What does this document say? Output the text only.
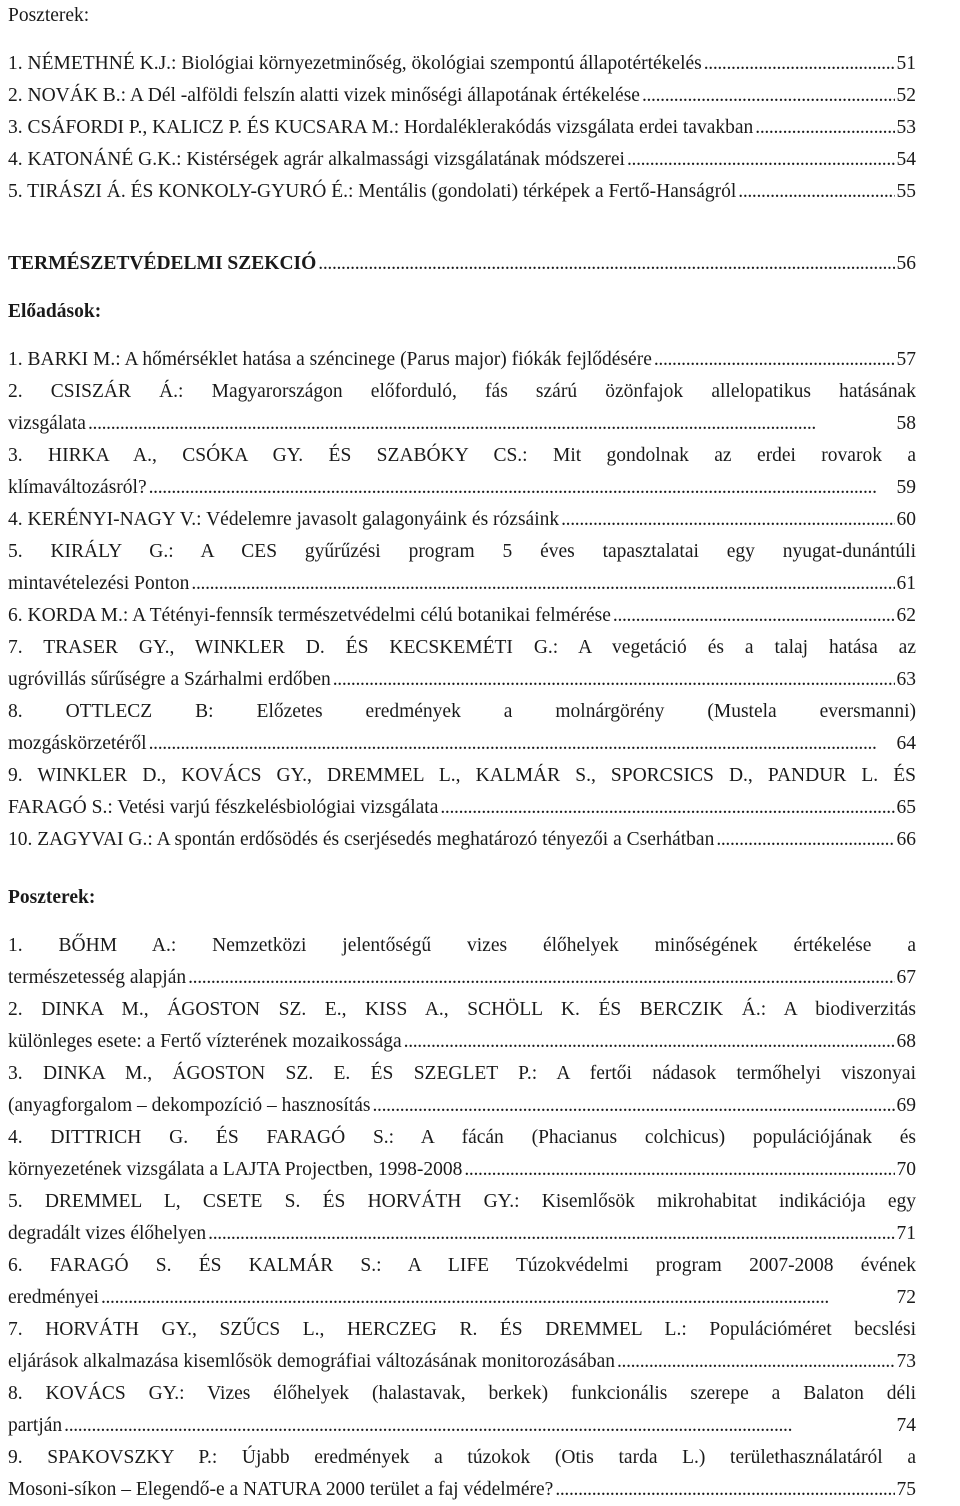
Poszterek:

1. NÉMETHNÉ K.J.: Biológiai környezetminőség, ökológiai szempontú állapotértékelés . . .	51
2. NOVÁK B.: A Dél -alföldi felszín alatti vizek minőségi állapotának értékelése . . .	52
3. CSÁFORDI P., KALICZ P. ÉS KUCSARA M.: Hordaléklerakódás vizsgálata erdei tavakban . . .	53
4. KATONÁNÉ G.K.: Kistérségek agrár alkalmassági vizsgálatának módszerei . . .	54
5. TIRÁSZI Á. ÉS KONKOLY-GYURÓ É.: Mentális (gondolati) térképek a Fertő-Hanságról . . .	55
TERMÉSZETVÉDELMI SZEKCIÓ . . .	56

Előadások:

1. BARKI M.: A hőmérséklet hatása a széncinege (Parus major) fiókák fejlődésére . . .	57
2. CSISZÁR Á.: Magyarországon előforduló, fás szárú özönfajok allelopatikus hatásának
vizsgálata . . .	58
3. HIRKA A., CSÓKA GY. ÉS SZABÓKY CS.: Mit gondolnak az erdei rovarok a
klímaváltozásról? . . .	59
4. KERÉNYI-NAGY V.: Védelemre javasolt galagonyáink és rózsáink . . .	60
5. KIRÁLY G.: A CES gyűrűzési program 5 éves tapasztalatai egy nyugat-dunántúli
mintavételezési Ponton . . .	61
6. KORDA M.: A Tétényi-fennsík természetvédelmi célú botanikai felmérése . . .	62
7. TRASER GY., WINKLER D. ÉS KECSKEMÉTI G.: A vegetáció és a talaj hatása az
ugróvillás sűrűségre a Szárhalmi erdőben . . .	63
8. OTTLECZ B: Előzetes eredmények a molnárgörény (Mustela eversmanni)
mozgáskörzetéről . . .	64
9. WINKLER D., KOVÁCS GY., DREMMEL L., KALMÁR S., SPORCSICS D., PANDUR L. ÉS
FARAGÓ S.: Vetési varjú fészkelésbiológiai vizsgálata . . .	65
10. ZAGYVAI G.: A spontán erdősödés és cserjésedés meghatározó tényezői a Cserhátban . . .	66

Poszterek:

1. BŐHM A.: Nemzetközi jelentőségű vizes élőhelyek minőségének értékelése a
természetesség alapján . . .	67
2. DINKA M., ÁGOSTON SZ. E., KISS A., SCHÖLL K. ÉS BERCZIK Á.: A biodiverzitás
különleges esete: a Fertő vízterének mozaikossága . . .	68
3. DINKA M., ÁGOSTON SZ. E. ÉS SZEGLET P.: A fertői nádasok termőhelyi viszonyai
(anyagforgalom – dekompozíció – hasznosítás . . .	69
4. DITTRICH G. ÉS FARAGÓ S.: A fácán (Phacianus colchicus) populációjának és
környezetének vizsgálata a LAJTA Projectben, 1998-2008 . . .	70
5. DREMMEL L, CSETE S. ÉS HORVÁTH GY.: Kisemlősök mikrohabitat indikációja egy
degradált vizes élőhelyen . . .	71
6. FARAGÓ S. ÉS KALMÁR S.: A LIFE Túzokvédelmi program 2007-2008 évének
eredményei . . .	72
7. HORVÁTH GY., SZŰCS L., HERCZEG R. ÉS DREMMEL L.: Populációméret becslési
eljárások alkalmazása kisemlősök demográfiai változásának monitorozásában . . .	73
8. KOVÁCS GY.: Vizes élőhelyek (halastavak, berkek) funkcionális szerepe a Balaton déli
partján . . .	74
9. SPAKOVSZKY P.: Újabb eredmények a túzokok (Otis tarda L.) területhasználatáról a
Mosoni-síkon – Elegendő-e a NATURA 2000 terület a faj védelmére? . . .	75
